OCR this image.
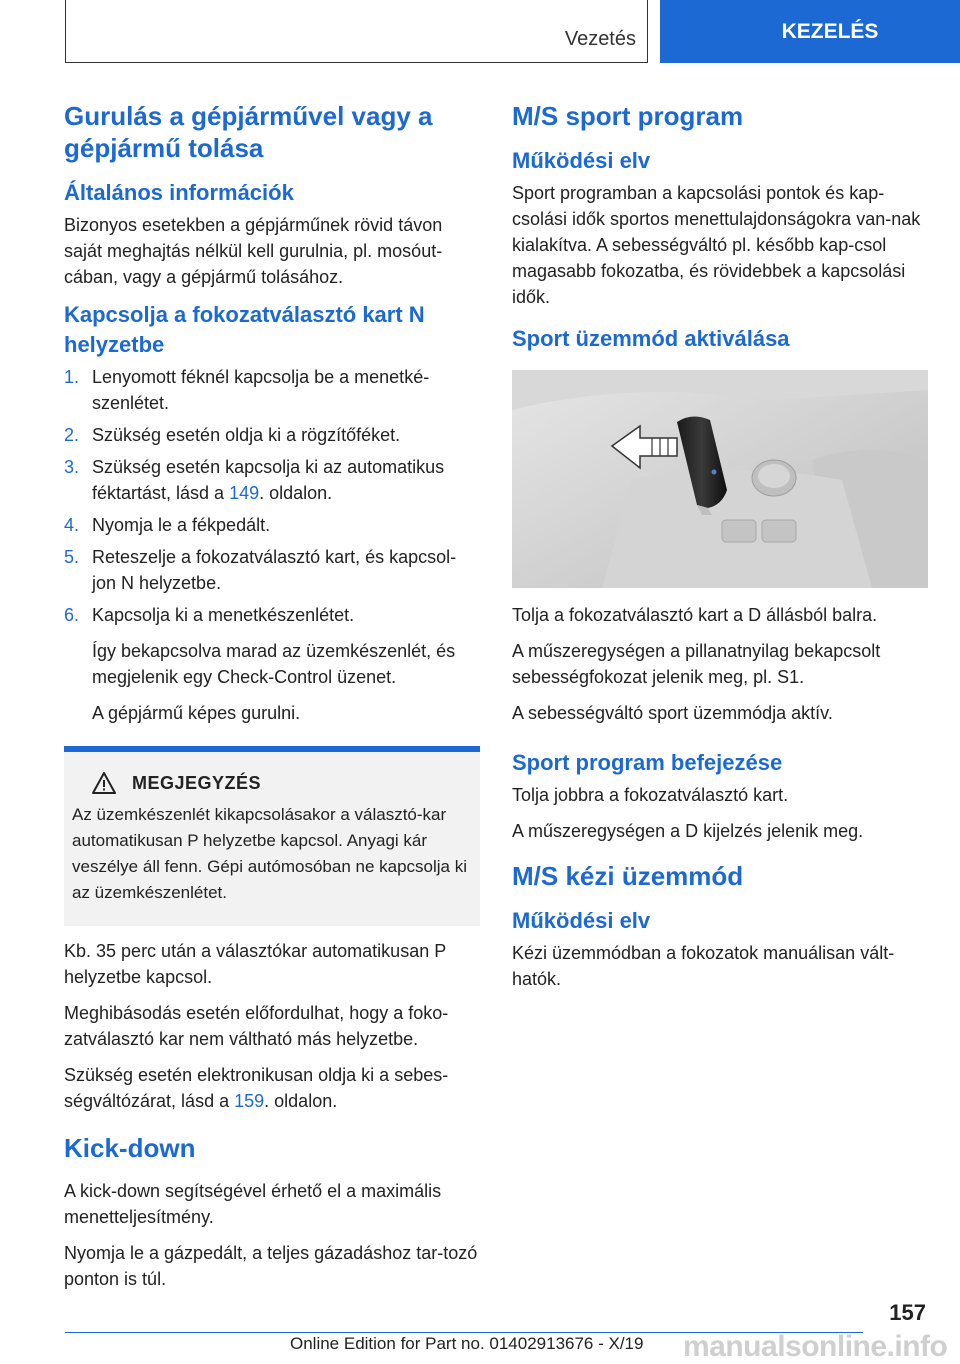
Vezetés	KEZELÉS
Gurulás a gépjárművel vagy a gépjármű tolása
Általános információk

Bizonyos esetekben a gépjárműnek rövid távon saját meghajtás nélkül kell gurulnia, pl. mosóut-cában, vagy a gépjármű tolásához.

Kapcsolja a fokozatválasztó kart N helyzetbe
1. Lenyomott féknél kapcsolja be a menetké-szenlétet.
2. Szükség esetén oldja ki a rögzítőféket.
3. Szükség esetén kapcsolja ki az automatikus féktartást, lásd a 149. oldalon.
4. Nyomja le a fékpedált.
5. Reteszelje a fokozatválasztó kart, és kapcsol-jon N helyzetbe.
6. Kapcsolja ki a menetkészenlétet.

Így bekapcsolva marad az üzemkészenlét, és megjelenik egy Check-Control üzenet.

A gépjármű képes gurulni.

MEGJEGYZÉS

Az üzemkészenlét kikapcsolásakor a választó-kar automatikusan P helyzetbe kapcsol. Anyagi kár veszélye áll fenn. Gépi autómosóban ne kapcsolja ki az üzemkészenlétet.

Kb. 35 perc után a választókar automatikusan P helyzetbe kapcsol.

Meghibásodás esetén előfordulhat, hogy a foko-zatválasztó kar nem váltható más helyzetbe.

Szükség esetén elektronikusan oldja ki a sebes-ségváltózárat, lásd a 159. oldalon.

Kick-down

A kick-down segítségével érhető el a maximális menetteljesítmény.

Nyomja le a gázpedált, a teljes gázadáshoz tar-tozó ponton is túl.

M/S sport program
Működési elv

Sport programban a kapcsolási pontok és kap-csolási idők sportos menettulajdonságokra van-nak kialakítva. A sebességváltó pl. később kap-csol magasabb fokozatba, és rövidebbek a kapcsolási idők.

Sport üzemmód aktiválása

Tolja a fokozatválasztó kart a D állásból balra.

A műszeregységen a pillanatnyilag bekapcsolt sebességfokozat jelenik meg, pl. S1.

A sebességváltó sport üzemmódja aktív.

Sport program befejezése

Tolja jobbra a fokozatválasztó kart.

A műszeregységen a D kijelzés jelenik meg.

M/S kézi üzemmód
Működési elv

Kézi üzemmódban a fokozatok manuálisan vált-hatók.

157
Online Edition for Part no. 01402913676 - X/19 manualsonline.info
